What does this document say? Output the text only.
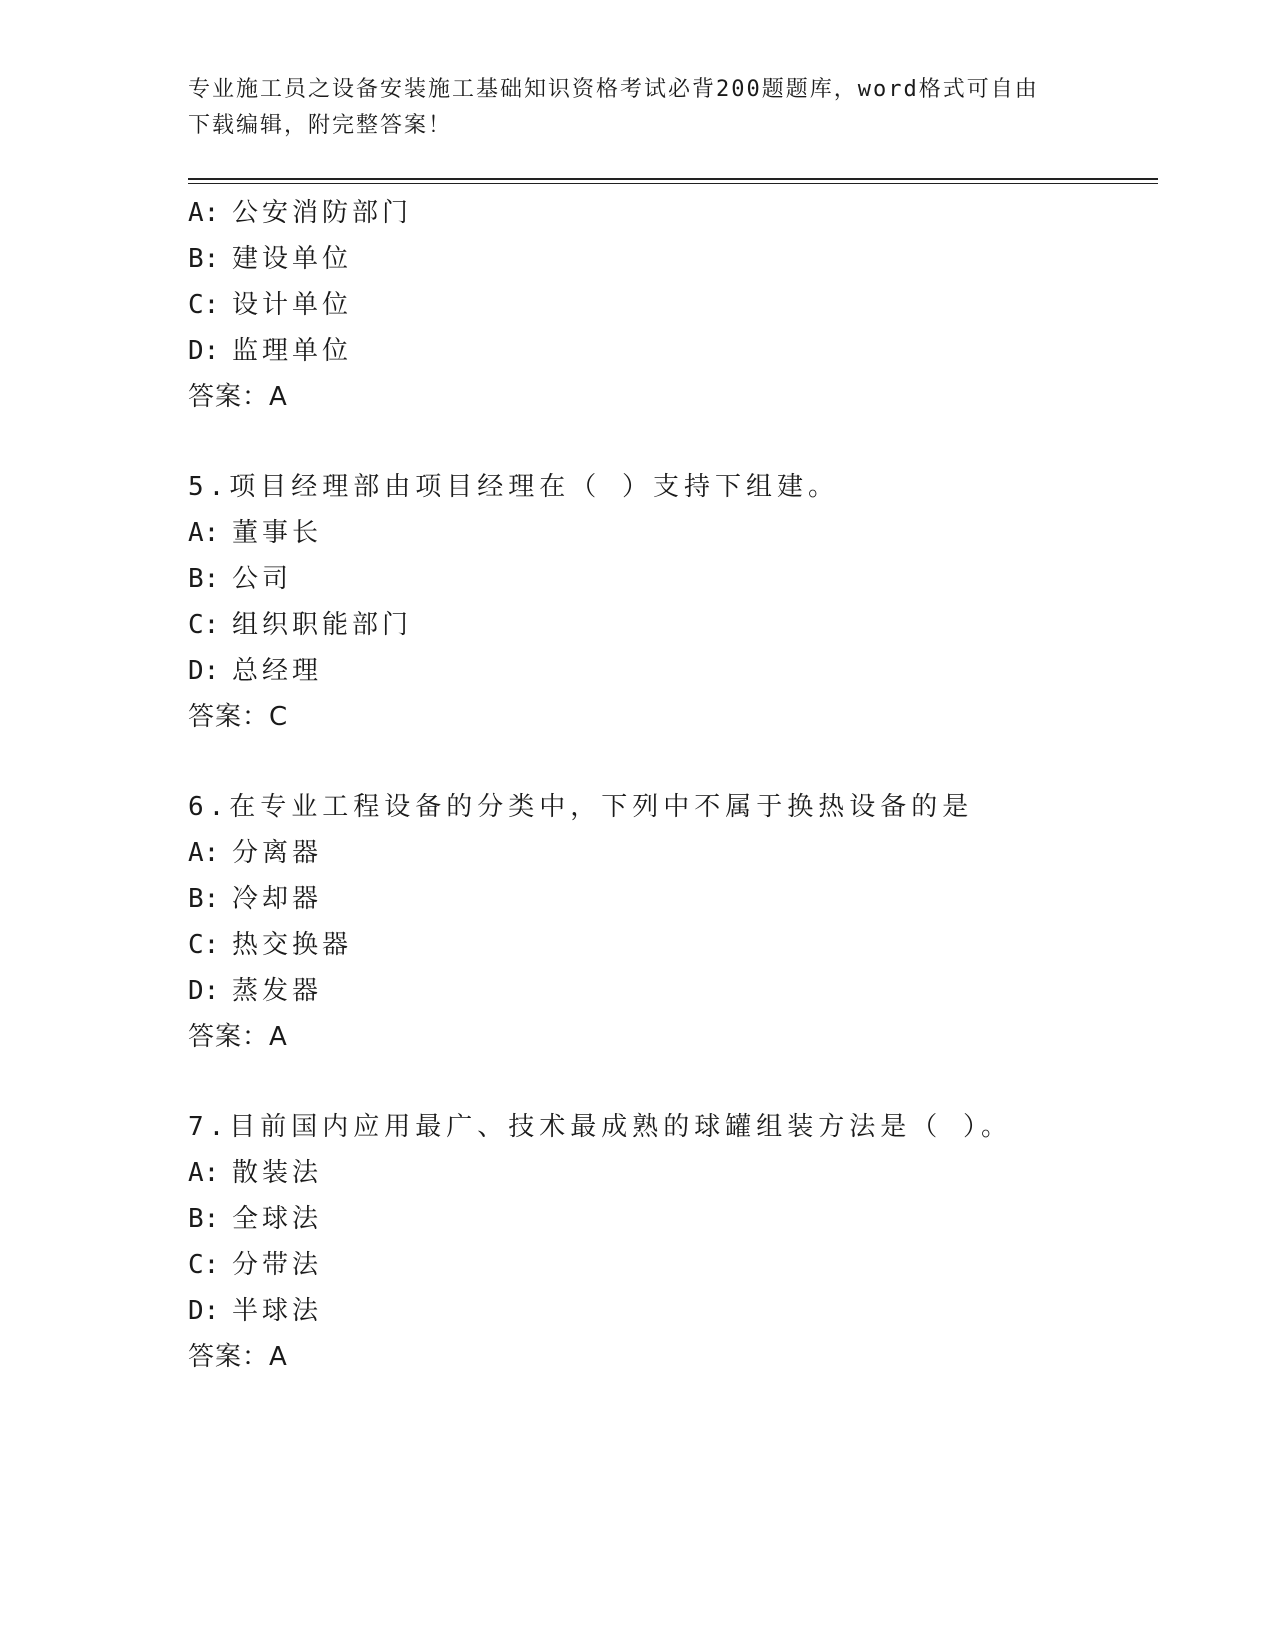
专业施工员之设备安装施工基础知识资格考试必背200题题库，word格式可自由
下载编辑，附完整答案！
A: 公安消防部门
B: 建设单位
C: 设计单位
D: 监理单位
答案：A
5.项目经理部由项目经理在（ ）支持下组建。
A: 董事长
B: 公司
C: 组织职能部门
D: 总经理
答案：C
6.在专业工程设备的分类中，下列中不属于换热设备的是
A: 分离器
B: 冷却器
C: 热交换器
D: 蒸发器
答案：A
7.目前国内应用最广、技术最成熟的球罐组装方法是（ ）。
A: 散装法
B: 全球法
C: 分带法
D: 半球法
答案：A
